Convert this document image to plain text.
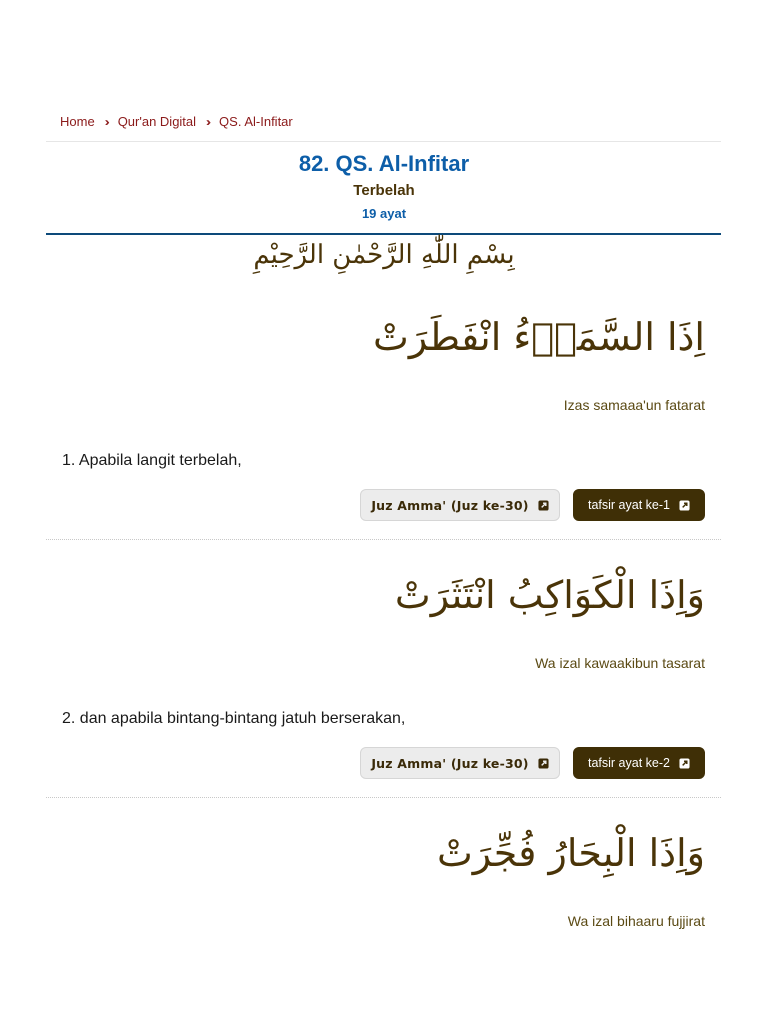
Home ›› Qur'an Digital ›› QS. Al-Infitar
82. QS. Al-Infitar
Terbelah
19 ayat
بِسْمِ اللّٰهِ الرَّحْمٰنِ الرَّحِيْمِ
اِذَا السَّمَاۤءُ انْفَطَرَتْ
Izas samaaa'un fatarat
1. Apabila langit terbelah,
Juz Amma' (Juz ke-30)	tafsir ayat ke-1
وَاِذَا الْكَوَاكِبُ انْتَثَرَتْ
Wa izal kawaakibun tasarat
2. dan apabila bintang-bintang jatuh berserakan,
Juz Amma' (Juz ke-30)	tafsir ayat ke-2
وَاِذَا الْبِحَارُ فُجِّرَتْ
Wa izal bihaaru fujjirat
